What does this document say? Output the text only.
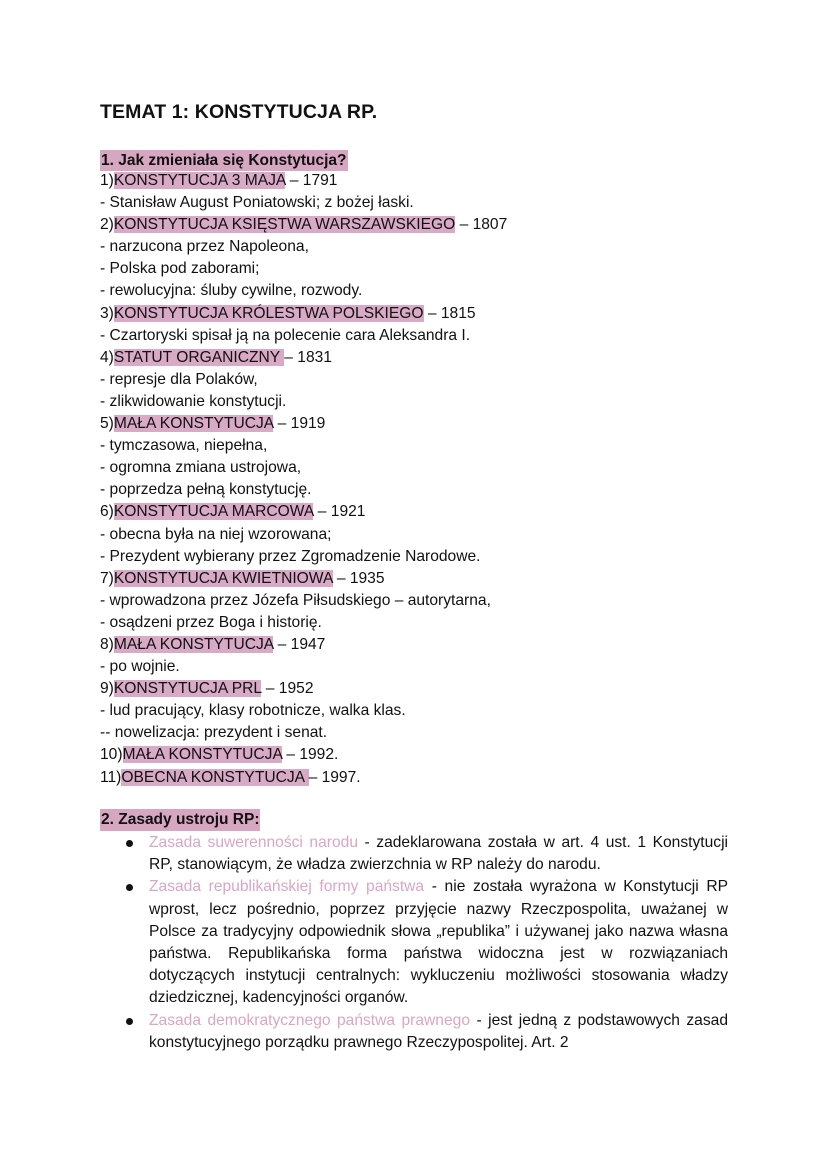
TEMAT 1: KONSTYTUCJA RP.
1. Jak zmieniała się Konstytucja?
1)KONSTYTUCJA 3 MAJA – 1791
- Stanisław August Poniatowski; z bożej łaski.
2)KONSTYTUCJA KSIĘSTWA WARSZAWSKIEGO – 1807
- narzucona przez Napoleona,
- Polska pod zaborami;
- rewolucyjna: śluby cywilne, rozwody.
3)KONSTYTUCJA KRÓLESTWA POLSKIEGO – 1815
- Czartoryski spisał ją na polecenie cara Aleksandra I.
4)STATUT ORGANICZNY – 1831
- represje dla Polaków,
- zlikwidowanie konstytucji.
5)MAŁA KONSTYTUCJA – 1919
- tymczasowa, niepełna,
- ogromna zmiana ustrojowa,
- poprzedza pełną konstytucję.
6)KONSTYTUCJA MARCOWA – 1921
- obecna była na niej wzorowana;
- Prezydent wybierany przez Zgromadzenie Narodowe.
7)KONSTYTUCJA KWIETNIOWA – 1935
- wprowadzona przez Józefa Piłsudskiego – autorytarna,
- osądzeni przez Boga i historię.
8)MAŁA KONSTYTUCJA – 1947
- po wojnie.
9)KONSTYTUCJA PRL – 1952
- lud pracujący, klasy robotnicze, walka klas.
-- nowelizacja: prezydent i senat.
10)MAŁA KONSTYTUCJA – 1992.
11)OBECNA KONSTYTUCJA – 1997.
2. Zasady ustroju RP:
Zasada suwerenności narodu - zadeklarowana została w art. 4 ust. 1 Konstytucji RP, stanowiącym, że władza zwierzchnia w RP należy do narodu.
Zasada republikańskiej formy państwa - nie została wyrażona w Konstytucji RP wprost, lecz pośrednio, poprzez przyjęcie nazwy Rzeczpospolita, uważanej w Polsce za tradycyjny odpowiednik słowa „republika” i używanej jako nazwa własna państwa. Republikańska forma państwa widoczna jest w rozwiązaniach dotyczących instytucji centralnych: wykluczeniu możliwości stosowania władzy dziedzicznej, kadencyjności organów.
Zasada demokratycznego państwa prawnego - jest jedną z podstawowych zasad konstytucyjnego porządku prawnego Rzeczypospolitej. Art. 2
